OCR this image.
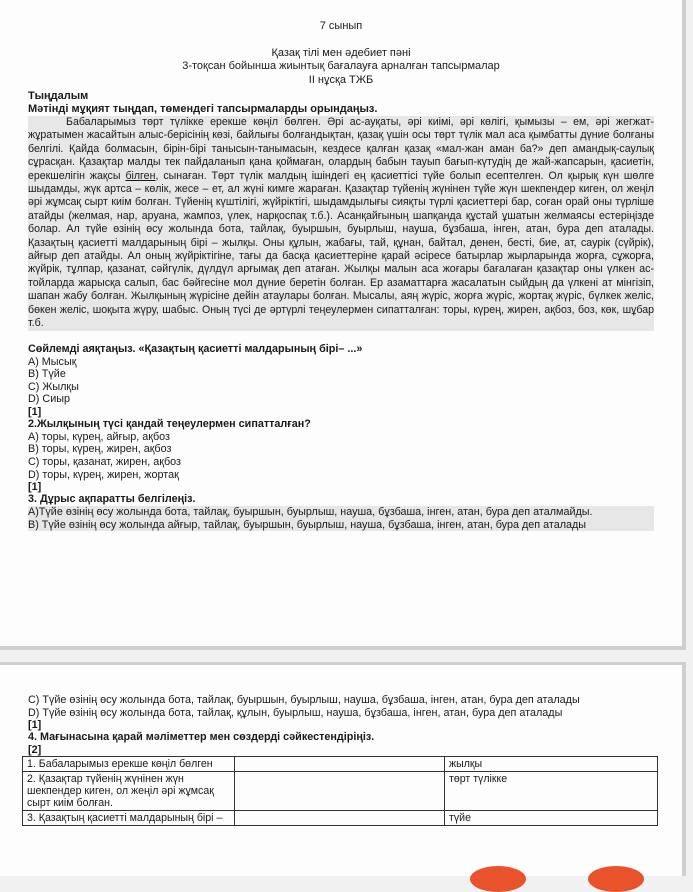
7 сынып
Қазақ тілі мен әдебиет пәні
3-тоқсан бойынша жиынтық бағалауға арналған тапсырмалар
ІІ нұсқа ТЖБ
Тыңдалым
Мәтінді мұқият тыңдап, төмендегі тапсырмаларды орындаңыз.

Бабаларымыз төрт түлікке ерекше көңіл бөлген. Әрі ас-ауқаты, әрі киімі, әрі көлігі, қымызы – ем, әрі жегжат-жұратымен жасайтын алыс-берісінің көзі, байлығы болғандықтан, қазақ үшін осы төрт түлік мал аса қымбатты дүние болғаны белгілі. Қайда болмасын, бірін-бірі танысын-танымасын, кездесе қалған қазақ «мал-жан аман ба?» деп амандық-саулық сұрасқан. Қазақтар малды тек пайдаланып қана қоймаған, олардың бабын тауып бағып-күтудің де жай-жапсарын, қасиетін, ерекшелігін жақсы білген, сынаған. Төрт түлік малдың ішіндегі ең қасиеттісі түйе болып есептелген. Ол қырық күн шөлге шыдамды, жүк артса – көлік, жесе – ет, ал жүні кимге жараған. Қазақтар түйенің жүнінен түйе жүн шекпендер киген, ол жеңіл әрі жұмсақ сырт киім болған. Түйенің күштілігі, жүйріктігі, шыдамдылығы сияқты түрлі қасиеттері бар, соған орай оны түрліше атайды (желмая, нар, аруана, жампоз, үлек, нарқоспақ т.б.). Асанқайғының шапқанда құстай ұшатын желмаясы естеріңізде болар. Ал түйе өзінің өсу жолында бота, тайлақ, буыршын, буырлыш, науша, бұзбаша, інген, атан, бура деп аталады. Қазақтың қасиетті малдарының бірі – жылқы. Оны құлын, жабағы, тай, құнан, байтал, денен, бесті, бие, ат, саурік (сүйрік), айғыр деп атайды. Ал оның жүйріктігіне, тағы да басқа қасиеттеріне қарай әсіресе батырлар жырларында жорға, сұжорға, жүйрік, тұлпар, қазанат, сәйгүлік, дүлдүл арғымақ деп атаған. Жылқы малын аса жоғары бағалаған қазақтар оны үлкен ас-тойларда жарысқа салып, бас бәйгесіне мол дүние беретін болған. Ер азаматтарға жасалатын сыйдың да үлкені ат мінгізіп, шапан жабу болған. Жылқының жүрісіне дейін атаулары болған. Мысалы, аяң жүріс, жорға жүріс, жортақ жүріс, бүлкек желіс, бөкен желіс, шоқыта жүру, шабыс. Оның түсі де әртүрлі теңеулермен сипатталған: торы, күрең, жирен, ақбоз, боз, көк, шұбар т.б.

Сөйлемді аяқтаңыз. «Қазақтың қасиетті малдарының бірі– ...»
A) Мысық
B) Түйе
C) Жылқы
D) Сиыр
[1]
2.Жылқының түсі қандай теңеулермен сипатталған?
A) торы, күрең, айғыр, ақбоз
B) торы, күрең, жирен, ақбоз
C) торы, қазанат, жирен, ақбоз
D) торы, күрең, жирен, жортақ
[1]
3. Дұрыс ақпаратты белгілеңіз.
A)Түйе өзінің өсу жолында бота, тайлақ, буыршын, буырлыш, науша, бұзбаша, інген, атан, бура деп аталмайды.
B) Түйе өзінің өсу жолында айғыр, тайлақ, буыршын, буырлыш, науша, бұзбаша, інген, атан, бура деп аталады
C) Түйе өзінің өсу жолында бота, тайлақ, буыршын, буырлыш, науша, бұзбаша, інген, атан, бура деп аталады
D) Түйе өзінің өсу жолында бота, тайлақ, құлын, буырлыш, науша, бұзбаша, інген, атан, бура деп аталады
[1]
4. Мағынасына қарай мәліметтер мен сөздерді сәйкестендіріңіз.
[2]
1. Бабаларымыз ерекше көңіл бөлген		жылқы
2. Қазақтар түйенің жүнінен жүн шекпендер киген, ол жеңіл әрі жұмсақ сырт киім болған.		төрт түлікке
3. Қазақтың қасиетті малдарының бірі –		түйе
